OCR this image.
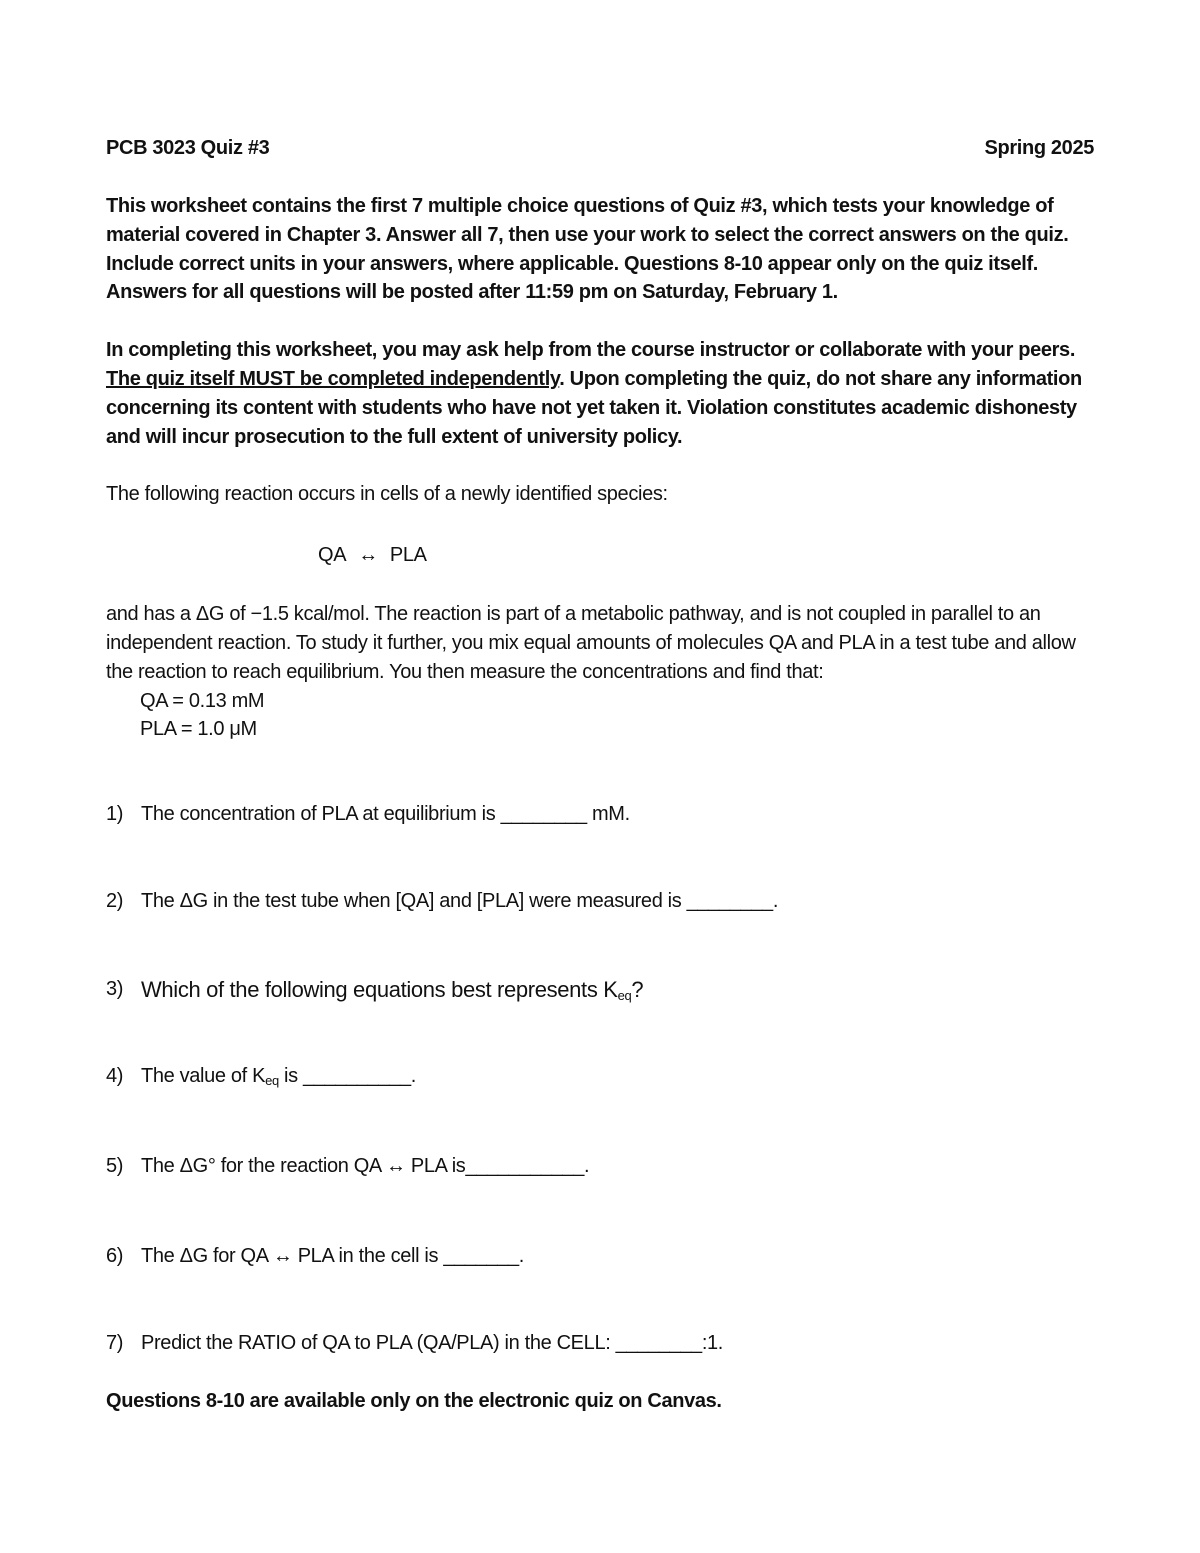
PCB 3023 Quiz #3	Spring 2025

This worksheet contains the first 7 multiple choice questions of Quiz #3, which tests your knowledge of material covered in Chapter 3. Answer all 7, then use your work to select the correct answers on the quiz. Include correct units in your answers, where applicable. Questions 8-10 appear only on the quiz itself. Answers for all questions will be posted after 11:59 pm on Saturday, February 1.

In completing this worksheet, you may ask help from the course instructor or collaborate with your peers. The quiz itself MUST be completed independently. Upon completing the quiz, do not share any information concerning its content with students who have not yet taken it. Violation constitutes academic dishonesty and will incur prosecution to the full extent of university policy.

The following reaction occurs in cells of a newly identified species:

QA ↔ PLA

and has a ΔG of −1.5 kcal/mol. The reaction is part of a metabolic pathway, and is not coupled in parallel to an independent reaction. To study it further, you mix equal amounts of molecules QA and PLA in a test tube and allow the reaction to reach equilibrium. You then measure the concentrations and find that:

QA = 0.13 mM
PLA = 1.0 μM
1) The concentration of PLA at equilibrium is ________ mM.
2) The ΔG in the test tube when [QA] and [PLA] were measured is ________.
3) Which of the following equations best represents $K_{eq}$?
4) The value of $K_{eq}$ is __________.
5) The ΔG° for the reaction QA ↔ PLA is___________.
6) The ΔG for QA ↔ PLA in the cell is _______.
7) Predict the RATIO of QA to PLA (QA/PLA) in the CELL: ________:1.
Questions 8-10 are available only on the electronic quiz on Canvas.
